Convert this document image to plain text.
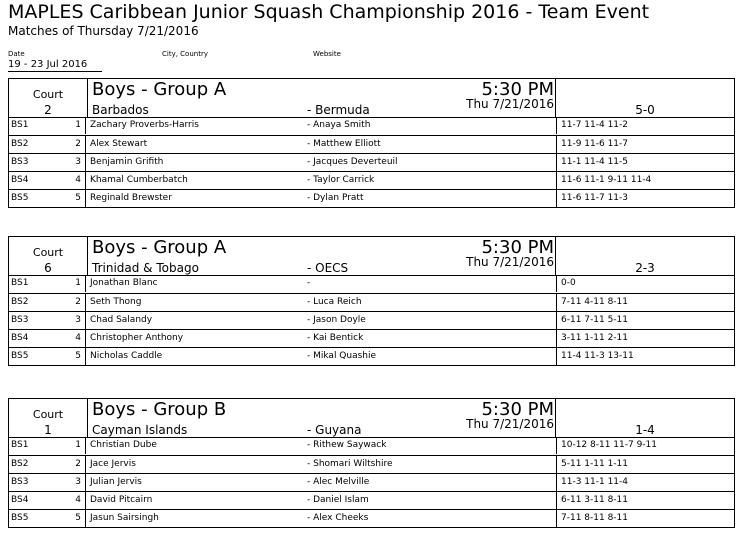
MAPLES Caribbean Junior Squash Championship 2016 - Team Event
Matches of Thursday 7/21/2016
Date	City, Country	Website
19 - 23 Jul 2016
Court
2
Boys - Group A	5:30 PM
Thu 7/21/2016
Barbados	- Bermuda	5-0
BS1	1 Zachary Proverbs-Harris	- Anaya Smith	11-7 11-4 11-2
BS2	2 Alex Stewart	- Matthew Elliott	11-9 11-6 11-7
BS3	3 Benjamin Grifith	- Jacques Deverteuil	11-1 11-4 11-5
BS4	4 Khamal Cumberbatch	- Taylor Carrick	11-6 11-1 9-11 11-4
BS5	5 Reginald Brewster	- Dylan Pratt	11-6 11-7 11-3
Court
6
Boys - Group A	5:30 PM
Thu 7/21/2016
Trinidad & Tobago	- OECS	2-3
BS1	1 Jonathan Blanc	-	0-0
BS2	2 Seth Thong	- Luca Reich	7-11 4-11 8-11
BS3	3 Chad Salandy	- Jason Doyle	6-11 7-11 5-11
BS4	4 Christopher Anthony	- Kai Bentick	3-11 1-11 2-11
BS5	5 Nicholas Caddle	- Mikal Quashie	11-4 11-3 13-11
Court
1
Boys - Group B	5:30 PM
Thu 7/21/2016
Cayman Islands	- Guyana	1-4
BS1	1 Christian Dube	- Rithew Saywack	10-12 8-11 11-7 9-11
BS2	2 Jace Jervis	- Shomari Wiltshire	5-11 1-11 1-11
BS3	3 Julian Jervis	- Alec Melville	11-3 11-1 11-4
BS4	4 David Pitcairn	- Daniel Islam	6-11 3-11 8-11
BS5	5 Jasun Sairsingh	- Alex Cheeks	7-11 8-11 8-11
